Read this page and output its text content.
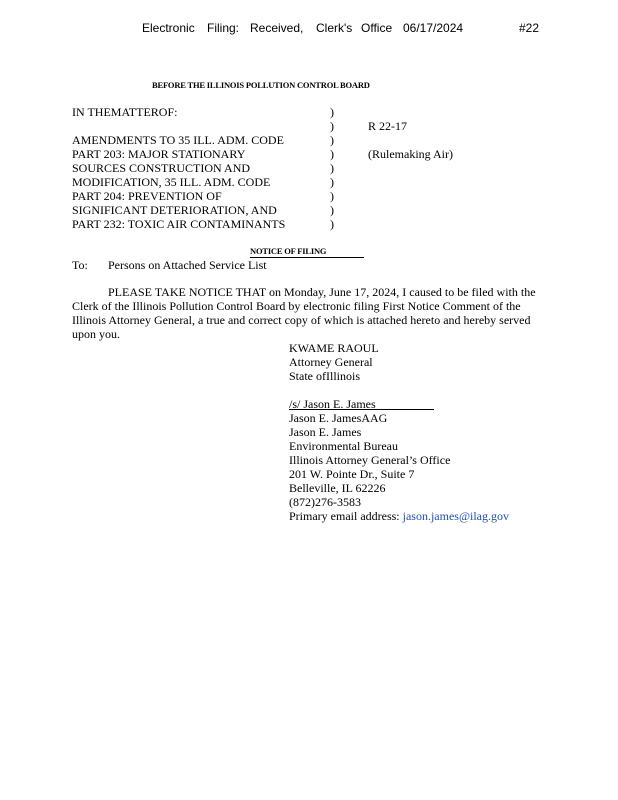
Electronic Filing: Received, Clerk's Office 06/17/2024	#22
BEFORE THE ILLINOIS POLLUTION CONTROL BOARD
IN THEMATTEROF:
AMENDMENTS TO 35 ILL. ADM. CODE
PART 203: MAJOR STATIONARY
SOURCES CONSTRUCTION AND
MODIFICATION, 35 ILL. ADM. CODE
PART 204: PREVENTION OF
SIGNIFICANT DETERIORATION, AND
PART 232: TOXIC AIR CONTAMINANTS
)
)
)
)
)
)
)
)
)
R 22-17
(Rulemaking Air)
NOTICE OF FILING
To: Persons on Attached Service List
PLEASE TAKE NOTICE THAT on Monday, June 17, 2024, I caused to be filed with the
Clerk of the Illinois Pollution Control Board by electronic filing First Notice Comment of the
Illinois Attorney General, a true and correct copy of which is attached hereto and hereby served
upon you.
KWAME RAOUL
Attorney General
State ofIllinois
/s/ Jason E. James
Jason E. JamesAAG
Jason E. James
Environmental Bureau
Illinois Attorney General’s Office
201 W. Pointe Dr., Suite 7
Belleville, IL 62226
(872)276-3583
Primary email address: jason.james@ilag.gov
